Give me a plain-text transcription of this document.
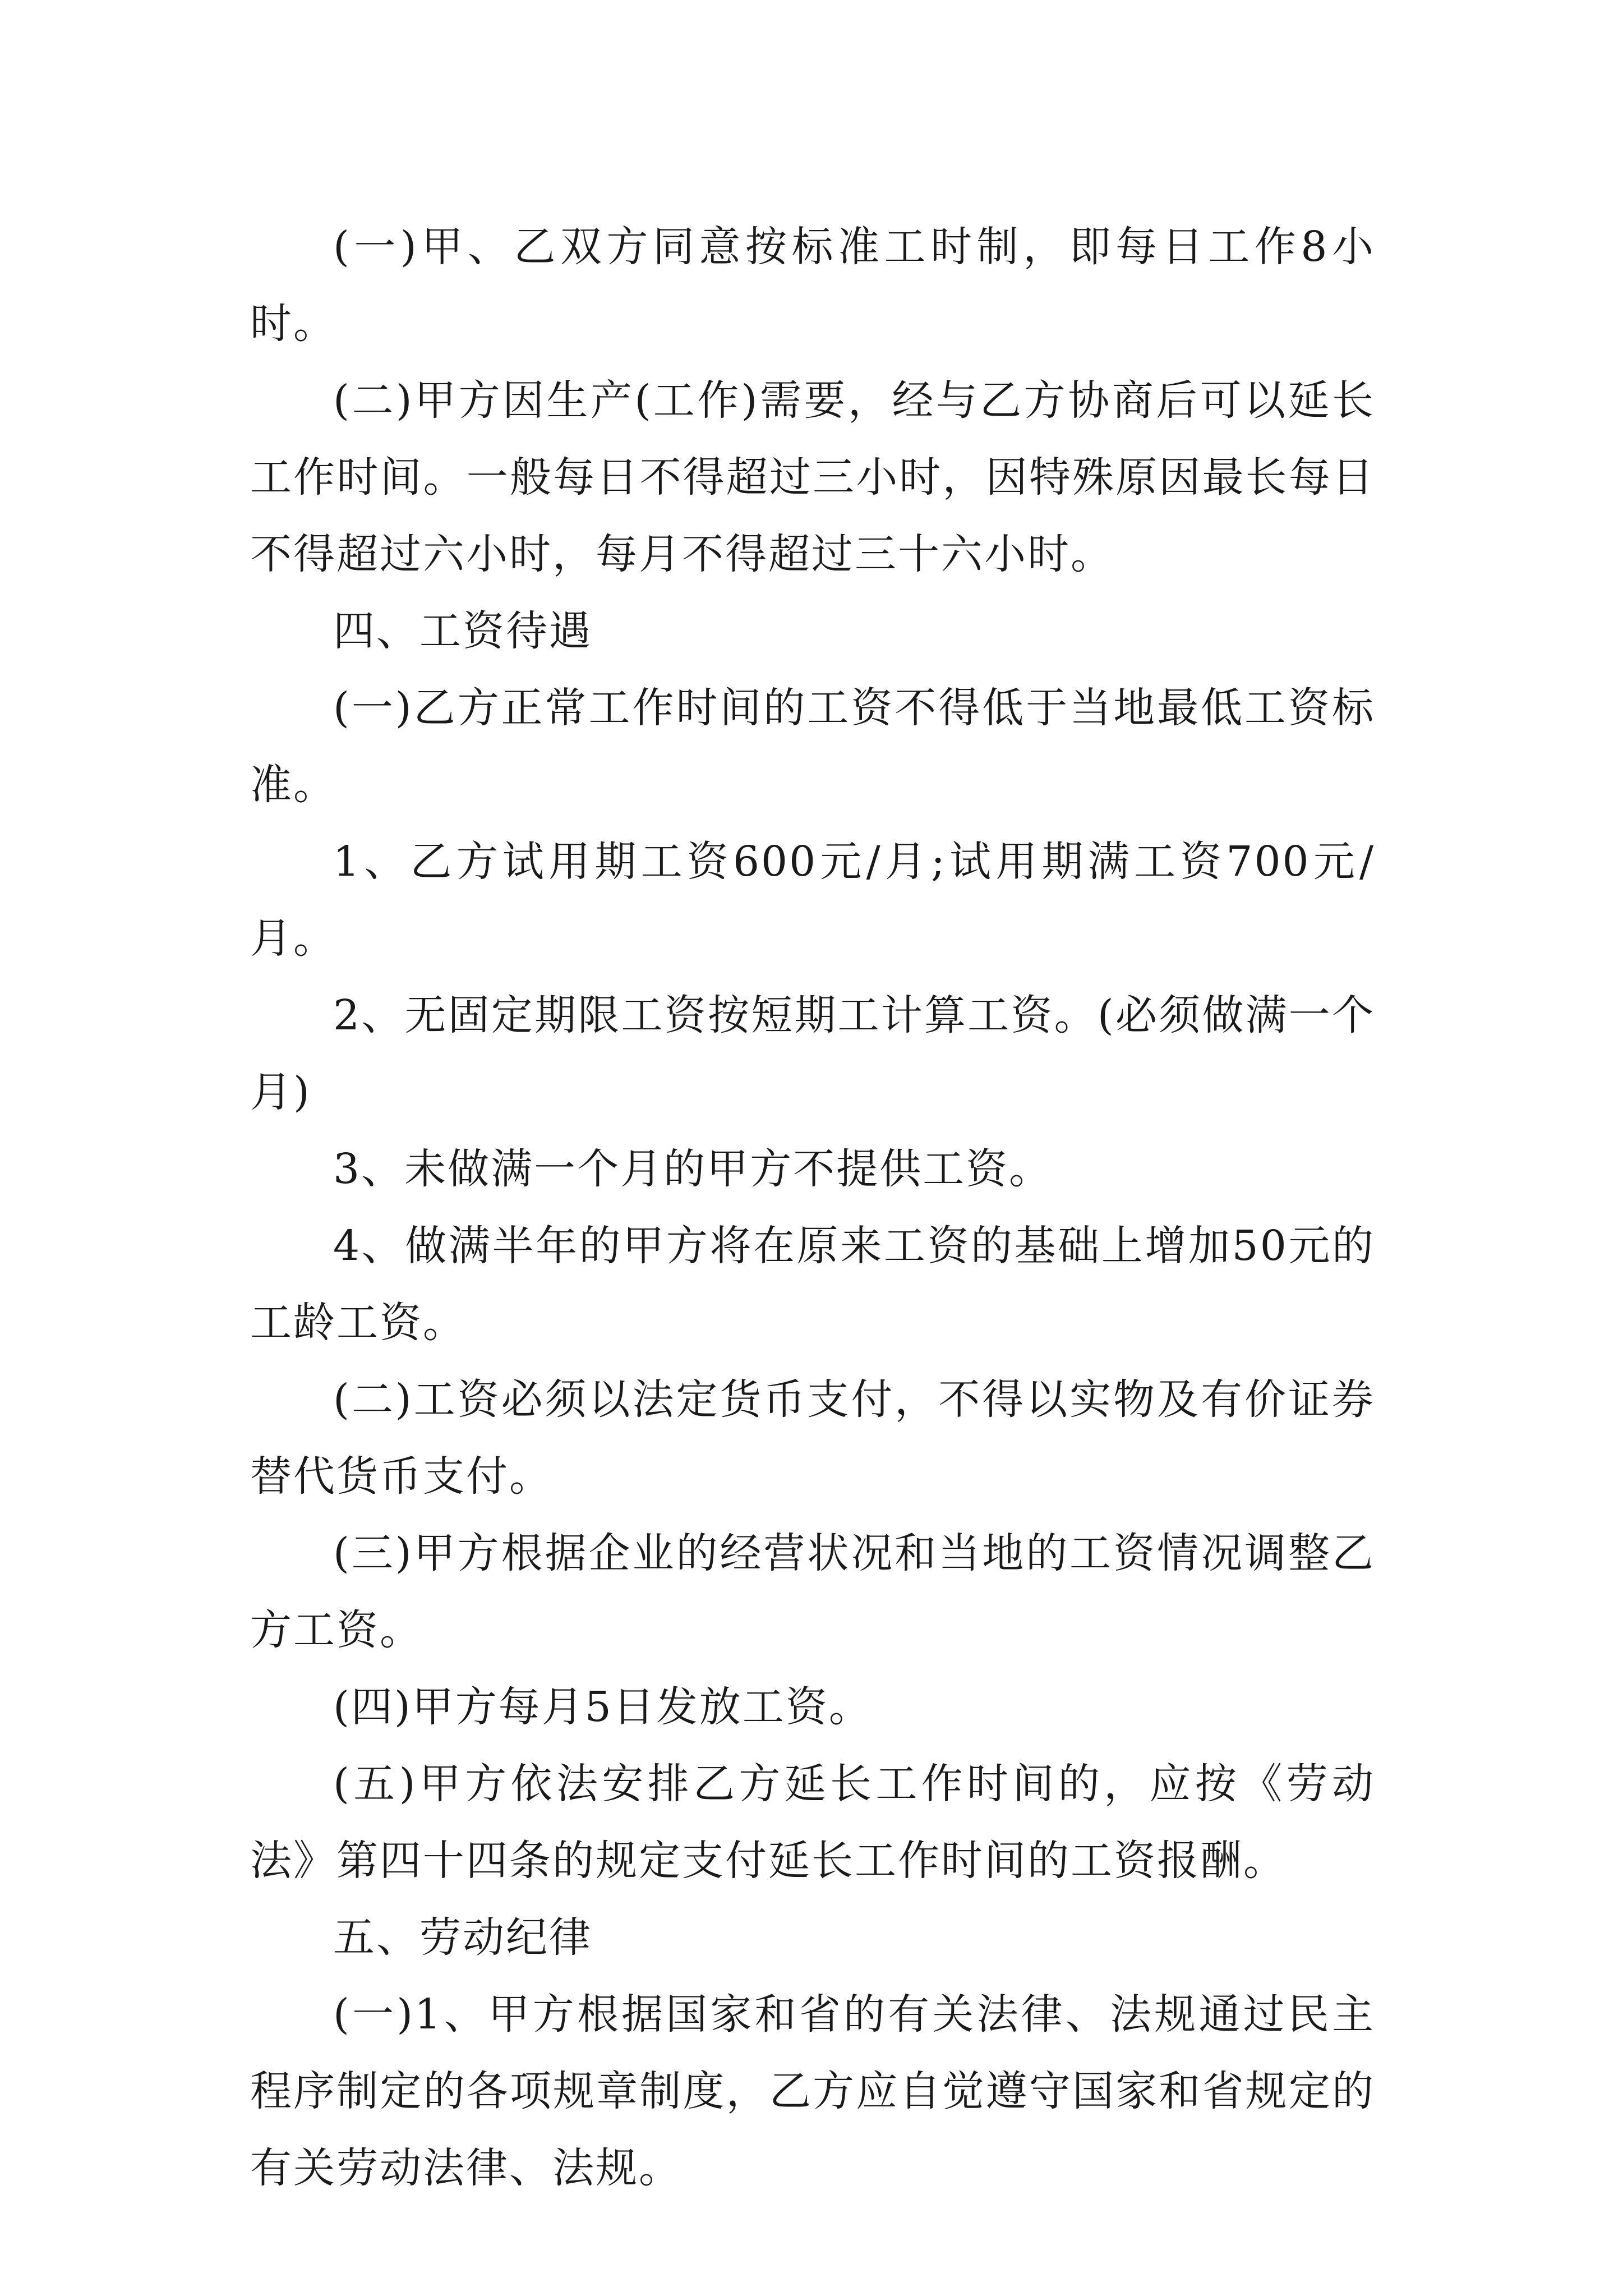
(一)甲、乙双方同意按标准工时制，即每日工作8小时。

(二)甲方因生产(工作)需要，经与乙方协商后可以延长工作时间。一般每日不得超过三小时，因特殊原因最长每日不得超过六小时，每月不得超过三十六小时。

四、工资待遇

(一)乙方正常工作时间的工资不得低于当地最低工资标准。

1、乙方试用期工资600元/月;试用期满工资700元/月。

2、无固定期限工资按短期工计算工资。(必须做满一个月)

3、未做满一个月的甲方不提供工资。

4、做满半年的甲方将在原来工资的基础上增加50元的工龄工资。

(二)工资必须以法定货币支付，不得以实物及有价证券替代货币支付。

(三)甲方根据企业的经营状况和当地的工资情况调整乙方工资。

(四)甲方每月5日发放工资。

(五)甲方依法安排乙方延长工作时间的，应按《劳动法》第四十四条的规定支付延长工作时间的工资报酬。

五、劳动纪律

(一)1、甲方根据国家和省的有关法律、法规通过民主程序制定的各项规章制度，乙方应自觉遵守国家和省规定的有关劳动法律、法规。
